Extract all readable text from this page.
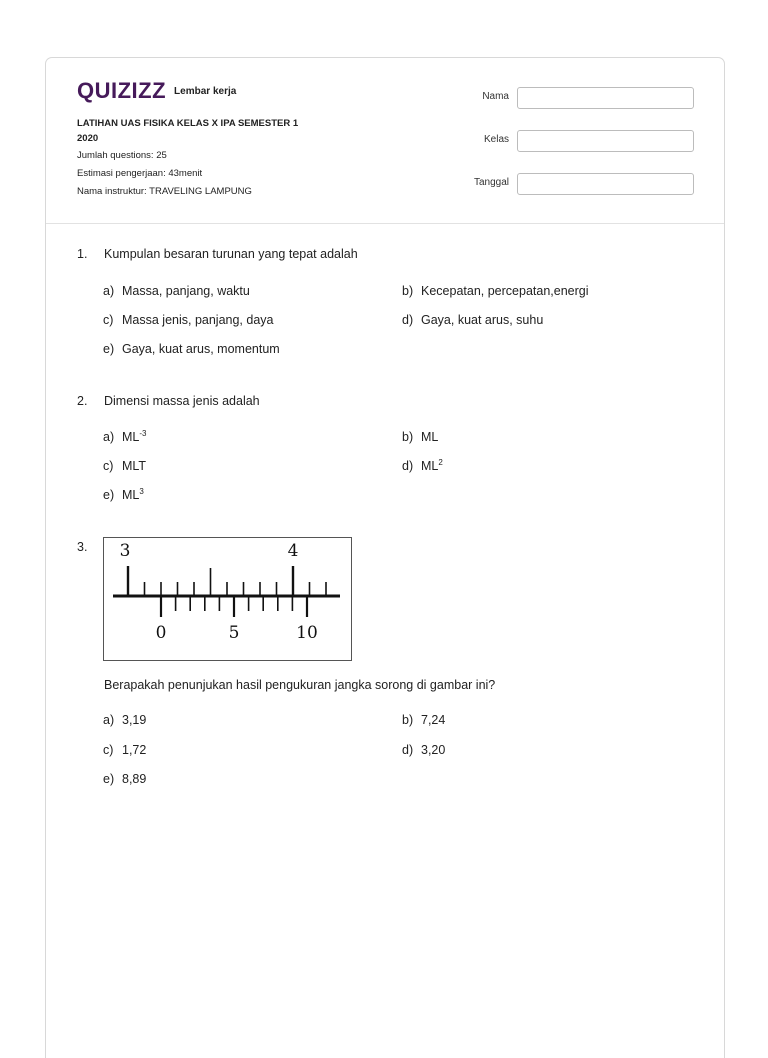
QUIZIZZ Lembar kerja
LATIHAN UAS FISIKA KELAS X IPA SEMESTER 1 2020
Jumlah questions: 25
Estimasi pengerjaan: 43menit
Nama instruktur: TRAVELING LAMPUNG
Nama
Kelas
Tanggal
1. Kumpulan besaran turunan yang tepat adalah
a) Massa, panjang, waktu	b) Kecepatan, percepatan,energi
c) Massa jenis, panjang, daya	d) Gaya, kuat arus, suhu
e) Gaya, kuat arus, momentum
2. Dimensi massa jenis adalah
a) $ML^{-3}$	b) ML
c) MLT	d) $ML^2$
e) $ML^3$
3. 3	4
0	5	10
Berapakah penunjukan hasil pengukuran jangka sorong di gambar ini?
a) 3,19	b) 7,24
c) 1,72	d) 3,20
e) 8,89
